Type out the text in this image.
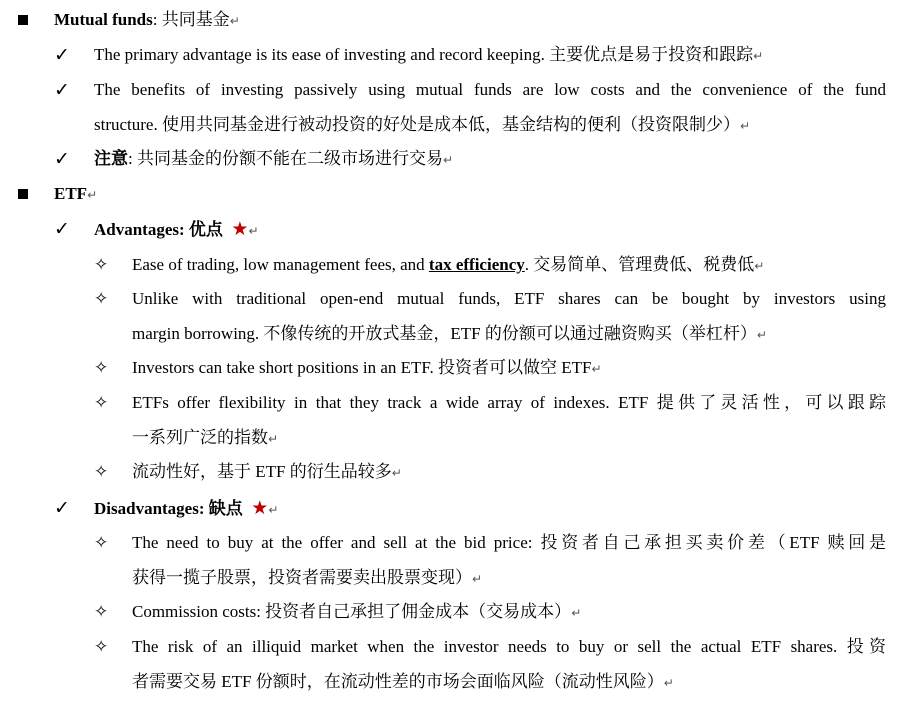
Mutual funds: 共同基金↵
✓ The primary advantage is its ease of investing and record keeping. 主要优点是易于投资和跟踪↵
✓ The benefits of investing passively using mutual funds are low costs and the convenience of the fund
structure. 使用共同基金进行被动投资的好处是成本低，基金结构的便利（投资限制少）↵
✓ 注意: 共同基金的份额不能在二级市场进行交易↵
ETF↵
✓ Advantages: 优点 ★↵
✧ Ease of trading, low management fees, and tax efficiency. 交易简单、管理费低、税费低↵
✧ Unlike with traditional open-end mutual funds, ETF shares can be bought by investors using
margin borrowing. 不像传统的开放式基金，ETF 的份额可以通过融资购买（举杠杆）↵
✧ Investors can take short positions in an ETF. 投资者可以做空 ETF↵
✧ ETFs offer flexibility in that they track a wide array of indexes. ETF 提供了灵活性，可以跟踪
一系列广泛的指数↵
✧ 流动性好，基于 ETF 的衍生品较多↵
✓ Disadvantages: 缺点 ★↵
✧ The need to buy at the offer and sell at the bid price: 投资者自己承担买卖价差（ETF 赎回是
获得一揽子股票，投资者需要卖出股票变现）↵
✧ Commission costs: 投资者自己承担了佣金成本（交易成本）↵
✧ The risk of an illiquid market when the investor needs to buy or sell the actual ETF shares. 投资
者需要交易 ETF 份额时，在流动性差的市场会面临风险（流动性风险）↵
